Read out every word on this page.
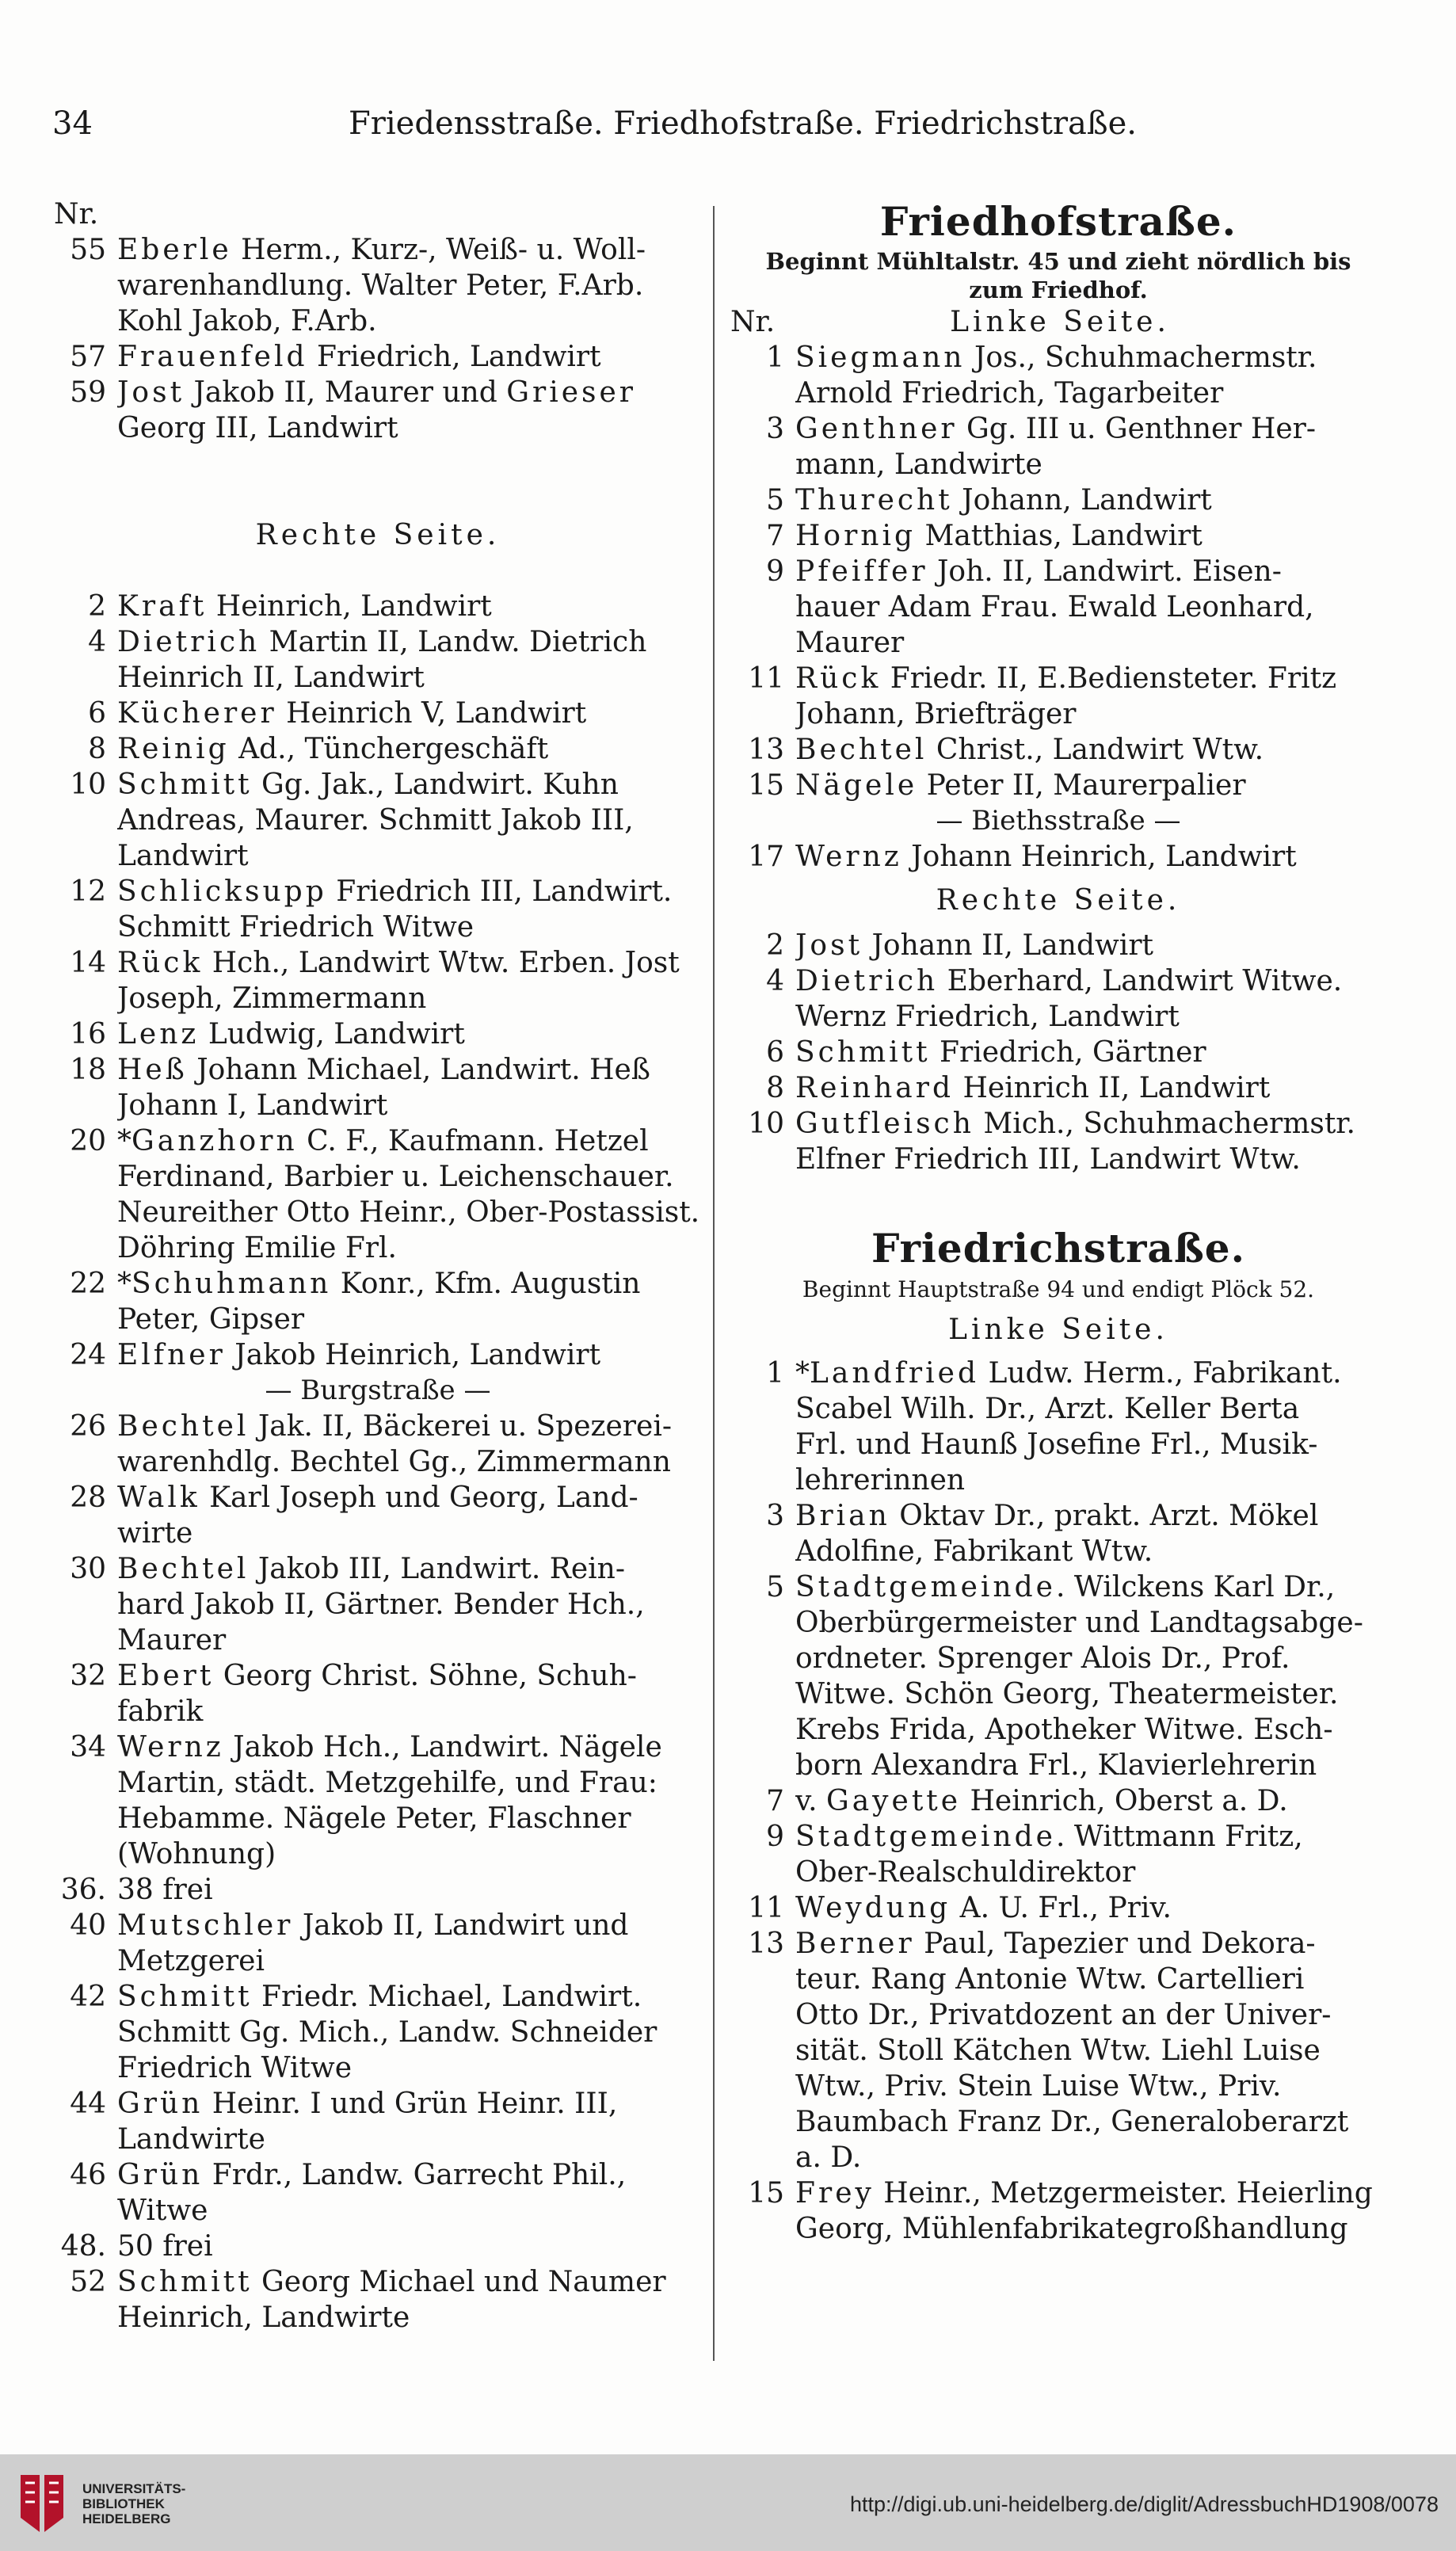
34	Friedensstraße. Friedhofstraße. Friedrichstraße.
Nr.
55 Eberle Herm., Kurz-, Weiß- u. Woll-
warenhandlung. Walter Peter, F.Arb.
Kohl Jakob, F.Arb.
57 Frauenfeld Friedrich, Landwirt
59 Jost Jakob II, Maurer und Grieser
Georg III, Landwirt
Rechte Seite.
2 Kraft Heinrich, Landwirt
4 Dietrich Martin II, Landw. Dietrich
Heinrich II, Landwirt
6 Kücherer Heinrich V, Landwirt
8 Reinig Ad., Tünchergeschäft
10 Schmitt Gg. Jak., Landwirt. Kuhn
Andreas, Maurer. Schmitt Jakob III,
Landwirt
12 Schlicksupp Friedrich III, Landwirt.
Schmitt Friedrich Witwe
14 Rück Hch., Landwirt Wtw. Erben. Jost
Joseph, Zimmermann
16 Lenz Ludwig, Landwirt
18 Heß Johann Michael, Landwirt. Heß
Johann I, Landwirt
20 *Ganzhorn C. F., Kaufmann. Hetzel
Ferdinand, Barbier u. Leichenschauer.
Neureither Otto Heinr., Ober-Postassist.
Döhring Emilie Frl.
22 *Schuhmann Konr., Kfm. Augustin
Peter, Gipser
24 Elfner Jakob Heinrich, Landwirt
— Burgstraße —
26 Bechtel Jak. II, Bäckerei u. Spezerei-
warenhdlg. Bechtel Gg., Zimmermann
28 Walk Karl Joseph und Georg, Land-
wirte
30 Bechtel Jakob III, Landwirt. Rein-
hard Jakob II, Gärtner. Bender Hch.,
Maurer
32 Ebert Georg Christ. Söhne, Schuh-
fabrik
34 Wernz Jakob Hch., Landwirt. Nägele
Martin, städt. Metzgehilfe, und Frau:
Hebamme. Nägele Peter, Flaschner
(Wohnung)
36. 38 frei
40 Mutschler Jakob II, Landwirt und
Metzgerei
42 Schmitt Friedr. Michael, Landwirt.
Schmitt Gg. Mich., Landw. Schneider
Friedrich Witwe
44 Grün Heinr. I und Grün Heinr. III,
Landwirte
46 Grün Frdr., Landw. Garrecht Phil.,
Witwe
48. 50 frei
52 Schmitt Georg Michael und Naumer
Heinrich, Landwirte
Friedhofstraße.
Beginnt Mühltalstr. 45 und zieht nördlich bis
zum Friedhof.
Nr.	Linke Seite.
1 Siegmann Jos., Schuhmachermstr.
Arnold Friedrich, Tagarbeiter
3 Genthner Gg. III u. Genthner Her-
mann, Landwirte
5 Thurecht Johann, Landwirt
7 Hornig Matthias, Landwirt
9 Pfeiffer Joh. II, Landwirt. Eisen-
hauer Adam Frau. Ewald Leonhard,
Maurer
11 Rück Friedr. II, E.Bediensteter. Fritz
Johann, Briefträger
13 Bechtel Christ., Landwirt Wtw.
15 Nägele Peter II, Maurerpalier
— Biethsstraße —
17 Wernz Johann Heinrich, Landwirt
Rechte Seite.
2 Jost Johann II, Landwirt
4 Dietrich Eberhard, Landwirt Witwe.
Wernz Friedrich, Landwirt
6 Schmitt Friedrich, Gärtner
8 Reinhard Heinrich II, Landwirt
10 Gutfleisch Mich., Schuhmachermstr.
Elfner Friedrich III, Landwirt Wtw.
Friedrichstraße.
Beginnt Hauptstraße 94 und endigt Plöck 52.
Linke Seite.
1 *Landfried Ludw. Herm., Fabrikant.
Scabel Wilh. Dr., Arzt. Keller Berta
Frl. und Haunß Josefine Frl., Musik-
lehrerinnen
3 Brian Oktav Dr., prakt. Arzt. Mökel
Adolfine, Fabrikant Wtw.
5 Stadtgemeinde. Wilckens Karl Dr.,
Oberbürgermeister und Landtagsabge-
ordneter. Sprenger Alois Dr., Prof.
Witwe. Schön Georg, Theatermeister.
Krebs Frida, Apotheker Witwe. Esch-
born Alexandra Frl., Klavierlehrerin
7 v. Gayette Heinrich, Oberst a. D.
9 Stadtgemeinde. Wittmann Fritz,
Ober-Realschuldirektor
11 Weydung A. U. Frl., Priv.
13 Berner Paul, Tapezier und Dekora-
teur. Rang Antonie Wtw. Cartellieri
Otto Dr., Privatdozent an der Univer-
sität. Stoll Kätchen Wtw. Liehl Luise
Wtw., Priv. Stein Luise Wtw., Priv.
Baumbach Franz Dr., Generaloberarzt
a. D.
15 Frey Heinr., Metzgermeister. Heierling
Georg, Mühlenfabrikategroßhandlung
UNIVERSITÄTS-
BIBLIOTHEK
HEIDELBERG
http://digi.ub.uni-heidelberg.de/diglit/AdressbuchHD1908/0078
